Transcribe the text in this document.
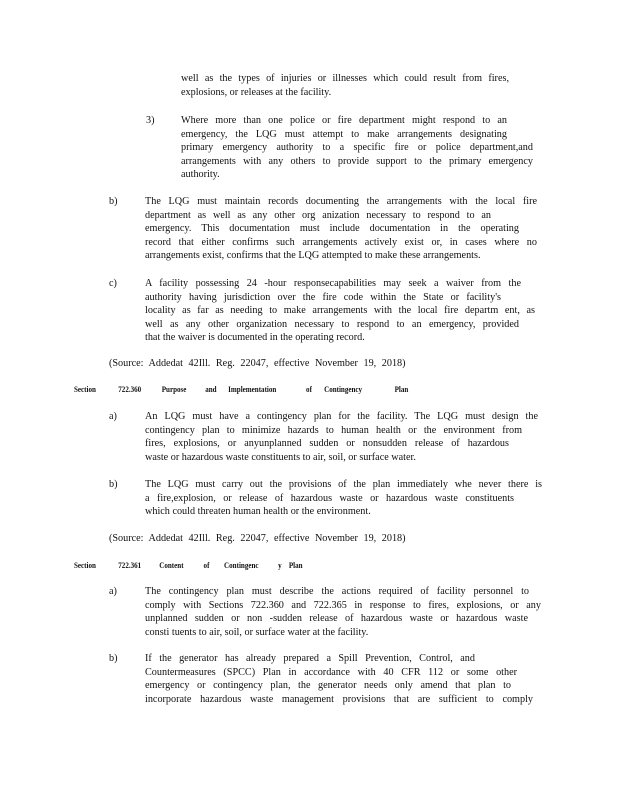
well as the types of injuries or illnesses which could result from fires,
explosions, or releases at the facility.
3)	Where more than one police or fire department might respond to an
emergency, the LQG must attempt to make arrangements designating
primary emergency authority to a specific fire or police department,and
arrangements with any others to provide support to the primary emergency
authority.
b)	The LQG must maintain records documenting the arrangements with the local fire
department as well as any other org anization necessary to respond to an
emergency. This documentation must include documentation in the operating
record that either confirms such arrangements actively exist or, in cases where no
arrangements exist, confirms that the LQG attempted to make these arrangements.
c)	A facility possessing 24 -hour responsecapabilities may seek a waiver from the
authority having jurisdiction over the fire code within the State or facility's
locality as far as needing to make arrangements with the local fire departm ent, as
well as any other organization necessary to respond to an emergency, provided
that the waiver is documented in the operating record.
(Source: Addedat 42Ill. Reg. 22047, effective November 19, 2018)
Section	722.360 Purpose and Implementation	of Contingency	Plan
a)	An LQG must have a contingency plan for the facility. The LQG must design the
contingency plan to minimize hazards to human health or the environment from
fires, explosions, or anyunplanned sudden or nonsudden release of hazardous
waste or hazardous waste constituents to air, soil, or surface water.
b)	The LQG must carry out the provisions of the plan immediately whe never there is
a fire,explosion, or release of hazardous waste or hazardous waste constituents
which could threaten human health or the environment.
(Source: Addedat 42Ill. Reg. 22047, effective November 19, 2018)
Section	722.361 Content of Contingenc y Plan
a)	The contingency plan must describe the actions required of facility personnel to
comply with Sections 722.360 and 722.365 in response to fires, explosions, or any
unplanned sudden or non -sudden release of hazardous waste or hazardous waste
consti tuents to air, soil, or surface water at the facility.
b)	If the generator has already prepared a Spill Prevention, Control, and
Countermeasures (SPCC) Plan in accordance with 40 CFR 112 or some other
emergency or contingency plan, the generator needs only amend that plan to
incorporate hazardous waste management provisions that are sufficient to comply
